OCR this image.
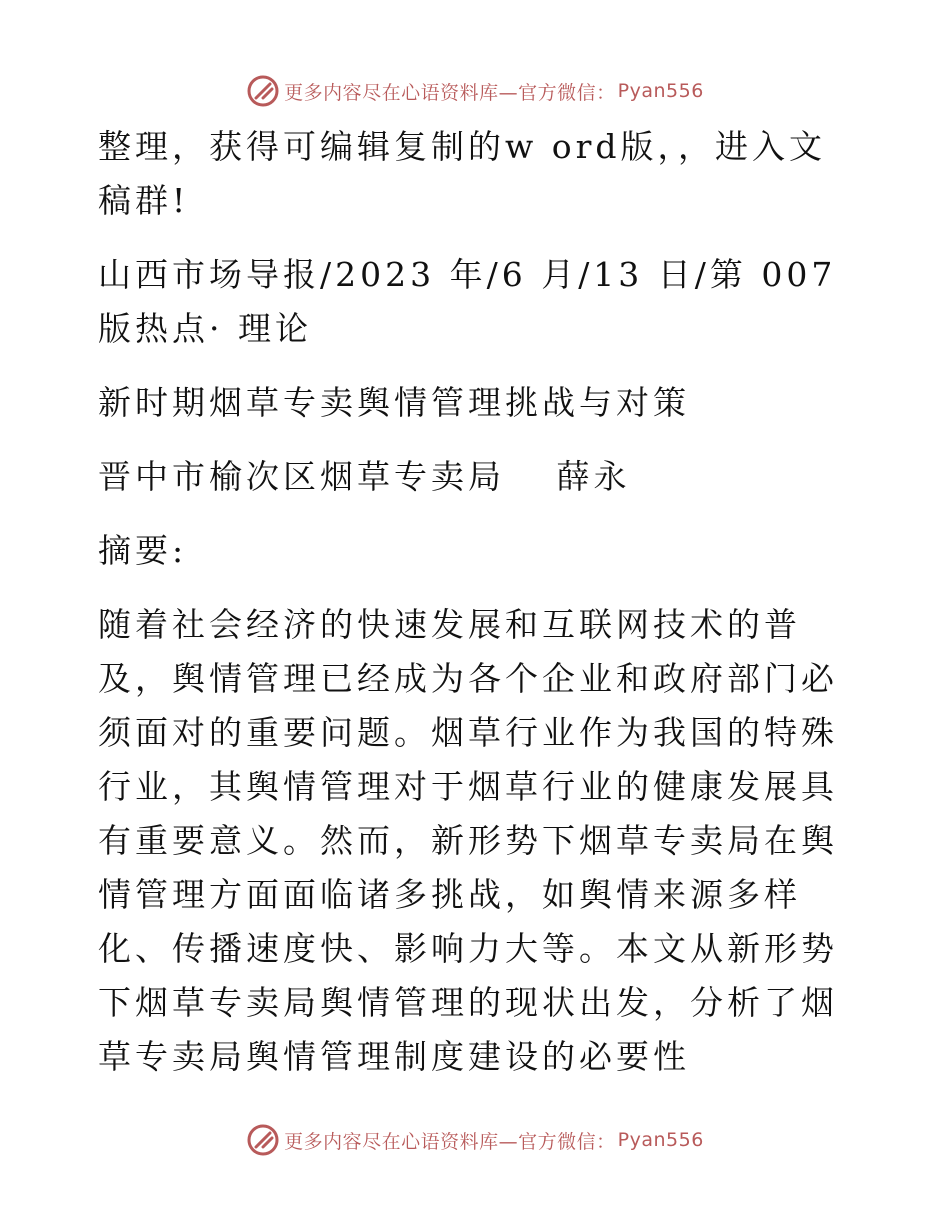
更多内容尽在心语资料库—官方微信： Pyan556

整理，获得可编辑复制的w ord版，，进入文稿群!

山西市场导报/2023 年/6 月/13 日/第 007 版热点· 理论

新时期烟草专卖舆情管理挑战与对策

晋中市榆次区烟草专卖局　 薛永

摘要:

随着社会经济的快速发展和互联网技术的普及，舆情管理已经成为各个企业和政府部门必须面对的重要问题。烟草行业作为我国的特殊行业，其舆情管理对于烟草行业的健康发展具有重要意义。然而，新形势下烟草专卖局在舆情管理方面面临诸多挑战，如舆情来源多样化、传播速度快、影响力大等。本文从新形势下烟草专卖局舆情管理的现状出发，分析了烟草专卖局舆情管理制度建设的必要性

更多内容尽在心语资料库—官方微信： Pyan556
